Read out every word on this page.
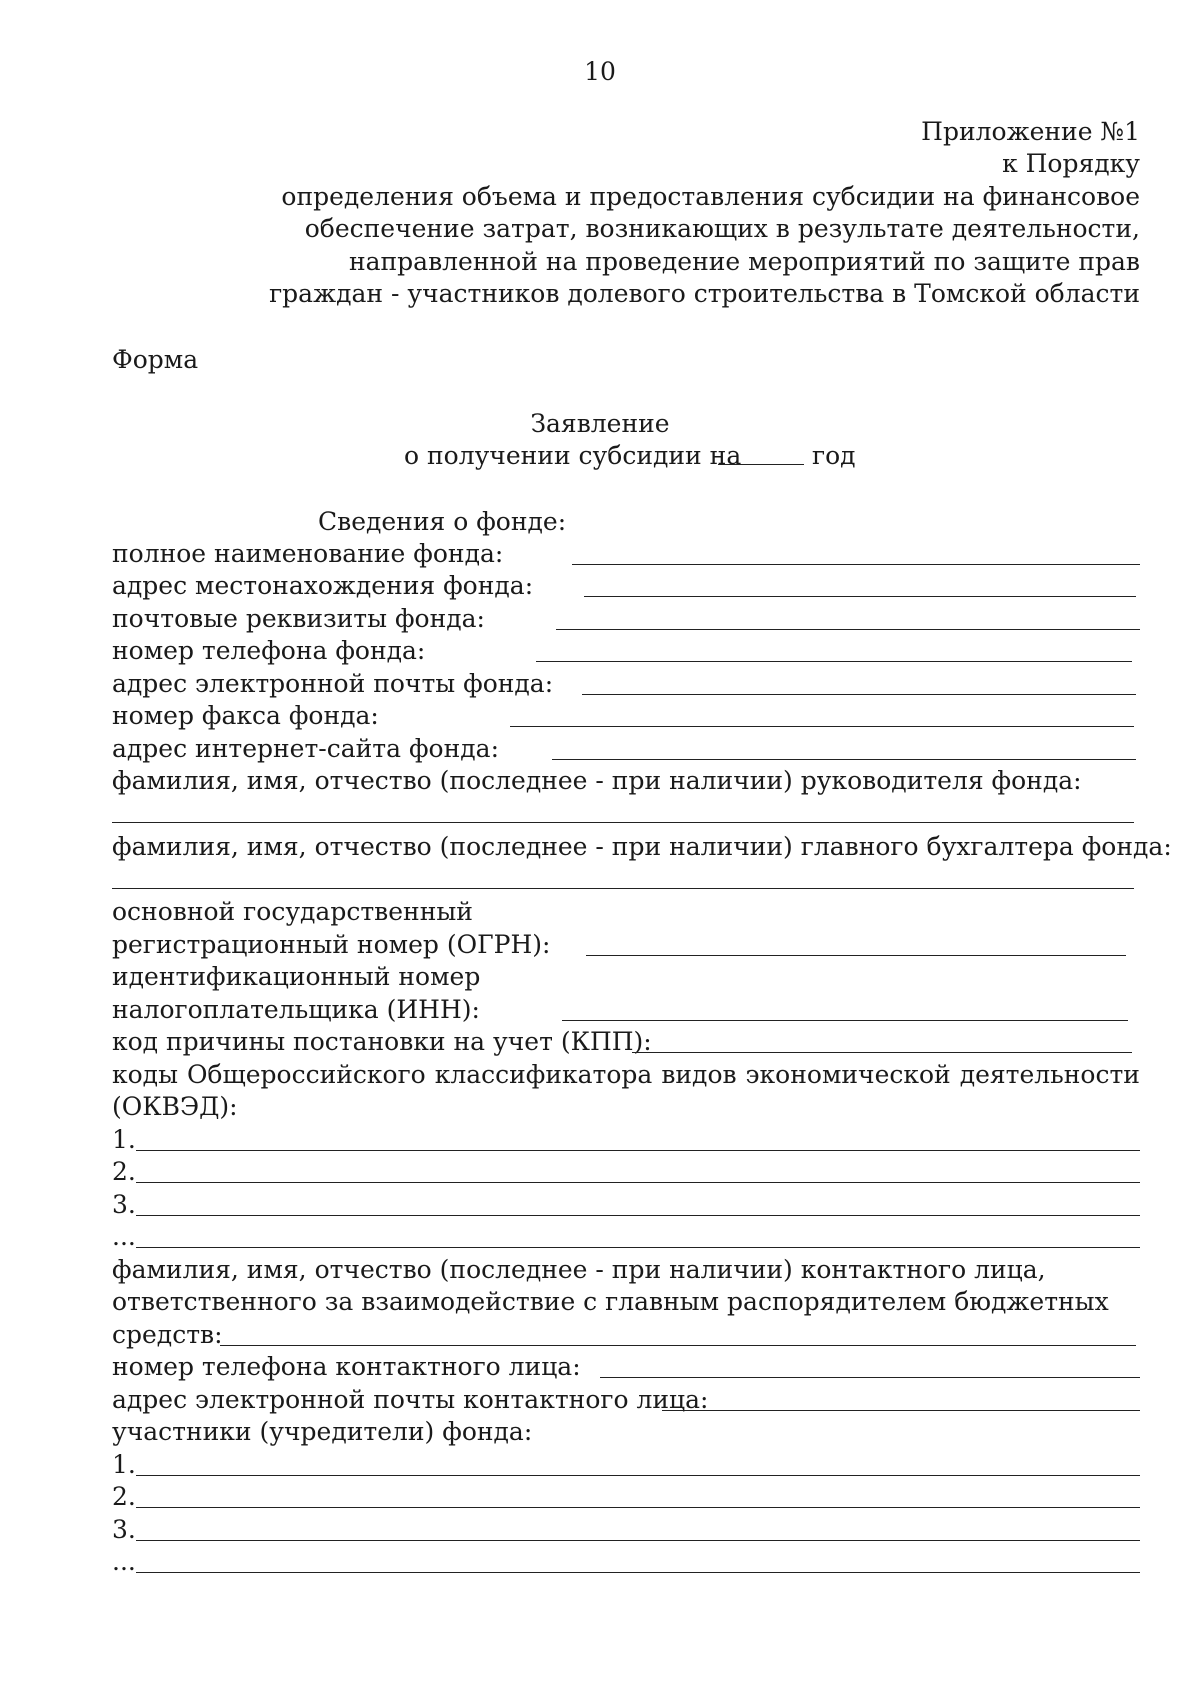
10
Приложение №1
к Порядку
определения объема и предоставления субсидии на финансовое
обеспечение затрат, возникающих в результате деятельности,
направленной на проведение мероприятий по защите прав
граждан - участников долевого строительства в Томской области
Форма
Заявление
о получении субсидии на	год
Сведения о фонде:
полное наименование фонда:
адрес местонахождения фонда:
почтовые реквизиты фонда:
номер телефона фонда:
адрес электронной почты фонда:
номер факса фонда:
адрес интернет-сайта фонда:
фамилия, имя, отчество (последнее - при наличии) руководителя фонда:
фамилия, имя, отчество (последнее - при наличии) главного бухгалтера фонда:
основной государственный
регистрационный номер (ОГРН):
идентификационный номер
налогоплательщика (ИНН):
код причины постановки на учет (КПП):
коды Общероссийского классификатора видов экономической деятельности
(ОКВЭД):
1.
2.
3.
...
фамилия, имя, отчество (последнее - при наличии) контактного лица,
ответственного за взаимодействие с главным распорядителем бюджетных
средств:
номер телефона контактного лица:
адрес электронной почты контактного лица:
участники (учредители) фонда:
1.
2.
3.
...
